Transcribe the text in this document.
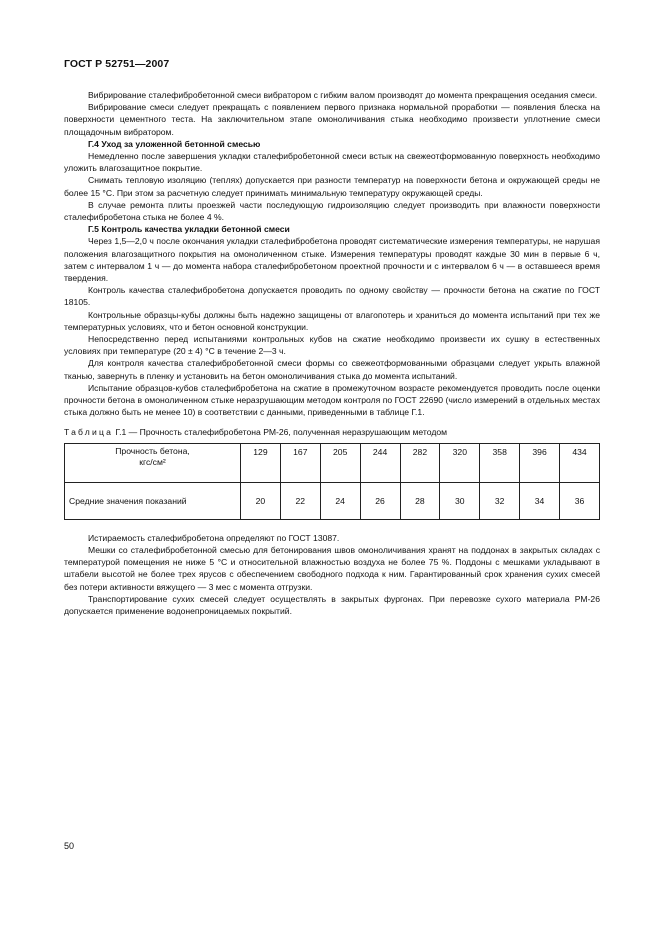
ГОСТ Р 52751—2007

Вибрирование сталефибробетонной смеси вибратором с гибким валом производят до момента прекращения оседания смеси.

Вибрирование смеси следует прекращать с появлением первого признака нормальной проработки — появления блеска на поверхности цементного теста. На заключительном этапе омоноличивания стыка необходимо произвести уплотнение смеси площадочным вибратором.

Г.4 Уход за уложенной бетонной смесью

Немедленно после завершения укладки сталефибробетонной смеси встык на свежеотформованную поверхность необходимо уложить влагозащитное покрытие.

Снимать тепловую изоляцию (теплях) допускается при разности температур на поверхности бетона и окружающей среды не более 15 °С. При этом за расчетную следует принимать минимальную температуру окружающей среды.

В случае ремонта плиты проезжей части последующую гидроизоляцию следует производить при влажности поверхности сталефибробетона стыка не более 4 %.

Г.5 Контроль качества укладки бетонной смеси

Через 1,5—2,0 ч после окончания укладки сталефибробетона проводят систематические измерения температуры, не нарушая положения влагозащитного покрытия на омоноличенном стыке. Измерения температуры проводят каждые 30 мин в первые 6 ч, затем с интервалом 1 ч — до момента набора сталефибробетоном проектной прочности и с интервалом 6 ч — в оставшееся время твердения.

Контроль качества сталефибробетона допускается проводить по одному свойству — прочности бетона на сжатие по ГОСТ 18105.

Контрольные образцы-кубы должны быть надежно защищены от влагопотерь и храниться до момента испытаний при тех же температурных условиях, что и бетон основной конструкции.

Непосредственно перед испытаниями контрольных кубов на сжатие необходимо произвести их сушку в естественных условиях при температуре (20 ± 4) °С в течение 2—3 ч.

Для контроля качества сталефибробетонной смеси формы со свежеотформованными образцами следует укрыть влажной тканью, завернуть в пленку и установить на бетон омоноличивания стыка до момента испытаний.

Испытание образцов-кубов сталефибробетона на сжатие в промежуточном возрасте рекомендуется проводить после оценки прочности бетона в омоноличенном стыке неразрушающим методом контроля по ГОСТ 22690 (число измерений в отдельных местах стыка должно быть не менее 10) в соответствии с данными, приведенными в таблице Г.1.

Таблица Г.1 — Прочность сталефибробетона РМ-26, полученная неразрушающим методом
Прочность бетона,
кгс/см²	129	167	205	244	282	320	358	396	434
Средние значения показаний	20	22	24	26	28	30	32	34	36

Истираемость сталефибробетона определяют по ГОСТ 13087.

Мешки со сталефибробетонной смесью для бетонирования швов омоноличивания хранят на поддонах в закрытых складах с температурой помещения не ниже 5 °С и относительной влажностью воздуха не более 75 %. Поддоны с мешками укладывают в штабели высотой не более трех ярусов с обеспечением свободного подхода к ним. Гарантированный срок хранения сухих смесей без потери активности вяжущего — 3 мес с момента отгрузки.

Транспортирование сухих смесей следует осуществлять в закрытых фургонах. При перевозке сухого материала РМ-26 допускается применение водонепроницаемых покрытий.

50
